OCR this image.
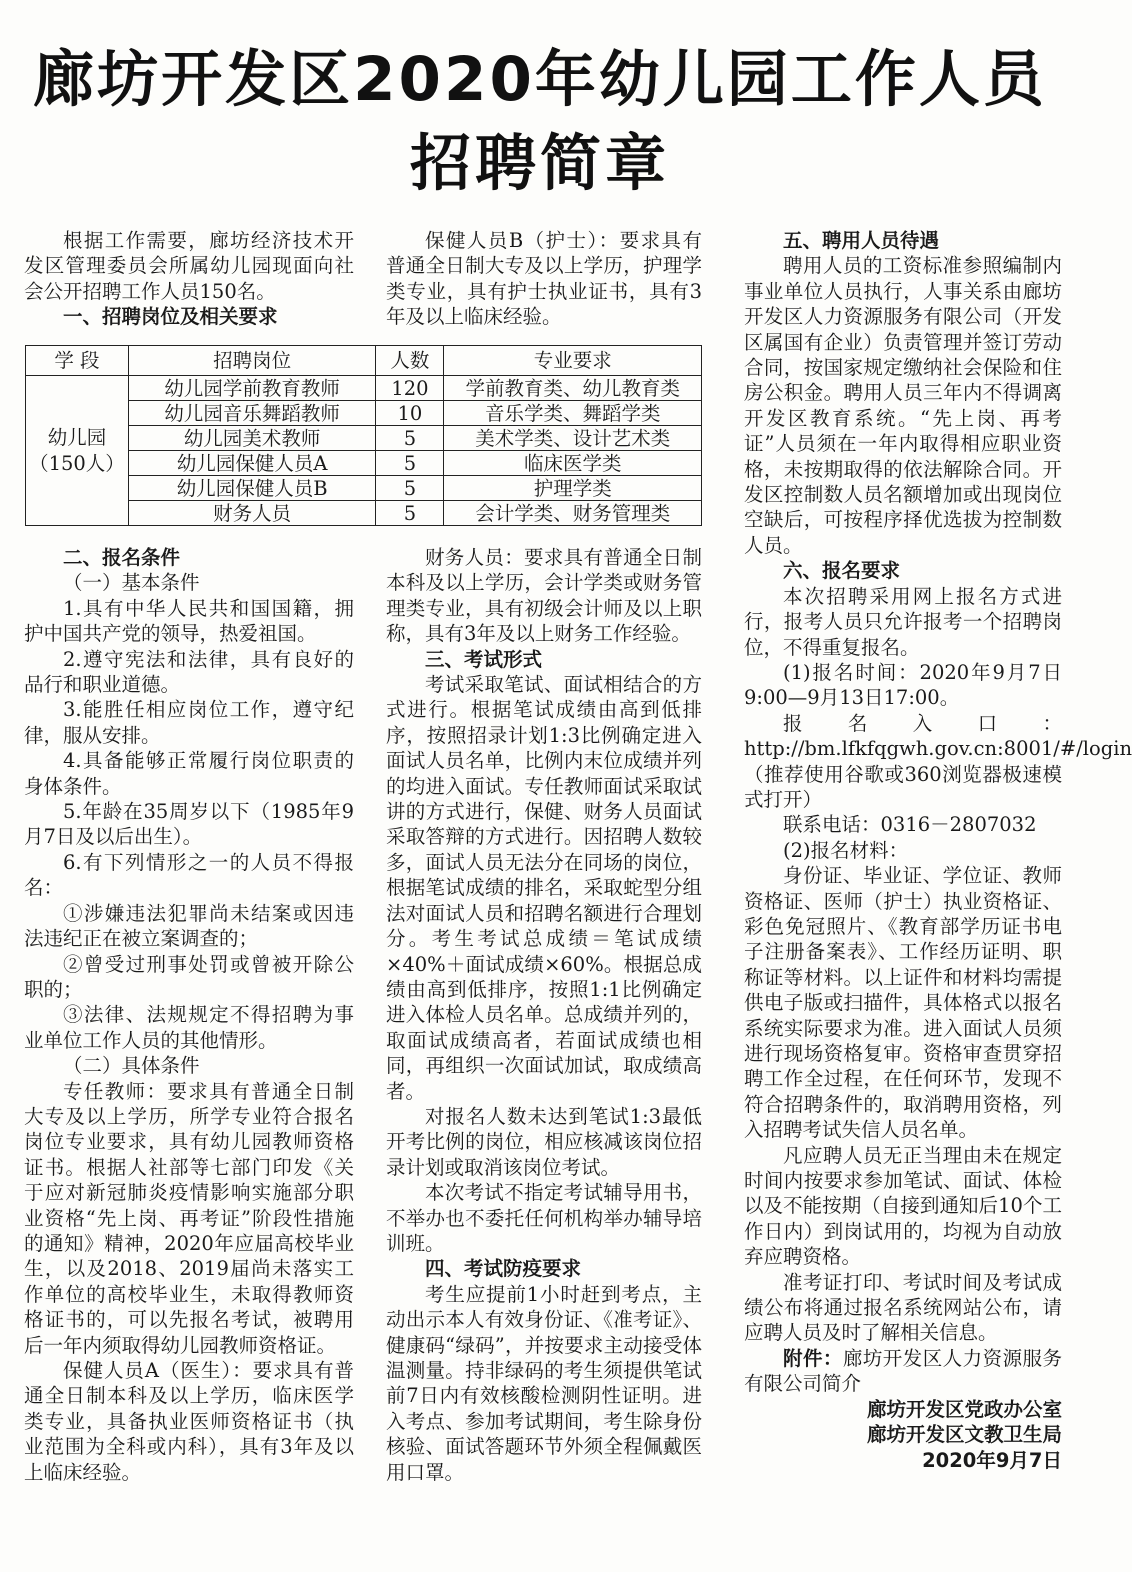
廊坊开发区2020年幼儿园工作人员
招聘简章

根据工作需要，廊坊经济技术开发区管理委员会所属幼儿园现面向社会公开招聘工作人员150名。

一、招聘岗位及相关要求

保健人员B（护士）：要求具有普通全日制大专及以上学历，护理学类专业，具有护士执业证书，具有3年及以上临床经验。

学 段	招聘岗位	人数	专业要求
幼儿园
（150人）	幼儿园学前教育教师	120	学前教育类、幼儿教育类
	幼儿园音乐舞蹈教师	10	音乐学类、舞蹈学类
	幼儿园美术教师	5	美术学类、设计艺术类
	幼儿园保健人员A	5	临床医学类
	幼儿园保健人员B	5	护理学类
	财务人员	5	会计学类、财务管理类

二、报名条件

（一）基本条件

1.具有中华人民共和国国籍，拥护中国共产党的领导，热爱祖国。

2.遵守宪法和法律，具有良好的品行和职业道德。

3.能胜任相应岗位工作，遵守纪律，服从安排。

4.具备能够正常履行岗位职责的身体条件。

5.年龄在35周岁以下（1985年9月7日及以后出生）。

6.有下列情形之一的人员不得报名：

①涉嫌违法犯罪尚未结案或因违法违纪正在被立案调查的；

②曾受过刑事处罚或曾被开除公职的；

③法律、法规规定不得招聘为事业单位工作人员的其他情形。

（二）具体条件

专任教师：要求具有普通全日制大专及以上学历，所学专业符合报名岗位专业要求，具有幼儿园教师资格证书。根据人社部等七部门印发《关于应对新冠肺炎疫情影响实施部分职业资格“先上岗、再考证”阶段性措施的通知》精神，2020年应届高校毕业生，以及2018、2019届尚未落实工作单位的高校毕业生，未取得教师资格证书的，可以先报名考试，被聘用后一年内须取得幼儿园教师资格证。

保健人员A（医生）：要求具有普通全日制本科及以上学历，临床医学类专业，具备执业医师资格证书（执业范围为全科或内科），具有3年及以上临床经验。

财务人员：要求具有普通全日制本科及以上学历，会计学类或财务管理类专业，具有初级会计师及以上职称，具有3年及以上财务工作经验。

三、考试形式

考试采取笔试、面试相结合的方式进行。根据笔试成绩由高到低排序，按照招录计划1:3比例确定进入面试人员名单，比例内末位成绩并列的均进入面试。专任教师面试采取试讲的方式进行，保健、财务人员面试采取答辩的方式进行。因招聘人数较多，面试人员无法分在同场的岗位，根据笔试成绩的排名，采取蛇型分组法对面试人员和招聘名额进行合理划分。考生考试总成绩＝笔试成绩×40%＋面试成绩×60%。根据总成绩由高到低排序，按照1:1比例确定进入体检人员名单。总成绩并列的，取面试成绩高者，若面试成绩也相同，再组织一次面试加试，取成绩高者。

对报名人数未达到笔试1:3最低开考比例的岗位，相应核减该岗位招录计划或取消该岗位考试。

本次考试不指定考试辅导用书，不举办也不委托任何机构举办辅导培训班。

四、考试防疫要求

考生应提前1小时赶到考点，主动出示本人有效身份证、《准考证》、健康码“绿码”，并按要求主动接受体温测量。持非绿码的考生须提供笔试前7日内有效核酸检测阴性证明。进入考点、参加考试期间，考生除身份核验、面试答题环节外须全程佩戴医用口罩。

五、聘用人员待遇

聘用人员的工资标准参照编制内事业单位人员执行，人事关系由廊坊开发区人力资源服务有限公司（开发区属国有企业）负责管理并签订劳动合同，按国家规定缴纳社会保险和住房公积金。聘用人员三年内不得调离开发区教育系统。“先上岗、再考证”人员须在一年内取得相应职业资格，未按期取得的依法解除合同。开发区控制数人员名额增加或出现岗位空缺后，可按程序择优选拔为控制数人员。

六、报名要求

本次招聘采用网上报名方式进行，报考人员只允许报考一个招聘岗位，不得重复报名。

(1)报名时间：2020年9月7日9:00—9月13日17:00。

报名入口：http://bm.lfkfqgwh.gov.cn:8001/#/login（推荐使用谷歌或360浏览器极速模式打开）

联系电话：0316－2807032

(2)报名材料：

身份证、毕业证、学位证、教师资格证、医师（护士）执业资格证、彩色免冠照片、《教育部学历证书电子注册备案表》、工作经历证明、职称证等材料。以上证件和材料均需提供电子版或扫描件，具体格式以报名系统实际要求为准。进入面试人员须进行现场资格复审。资格审查贯穿招聘工作全过程，在任何环节，发现不符合招聘条件的，取消聘用资格，列入招聘考试失信人员名单。

凡应聘人员无正当理由未在规定时间内按要求参加笔试、面试、体检以及不能按期（自接到通知后10个工作日内）到岗试用的，均视为自动放弃应聘资格。

准考证打印、考试时间及考试成绩公布将通过报名系统网站公布，请应聘人员及时了解相关信息。

附件：廊坊开发区人力资源服务有限公司简介

廊坊开发区党政办公室

廊坊开发区文教卫生局

2020年9月7日
